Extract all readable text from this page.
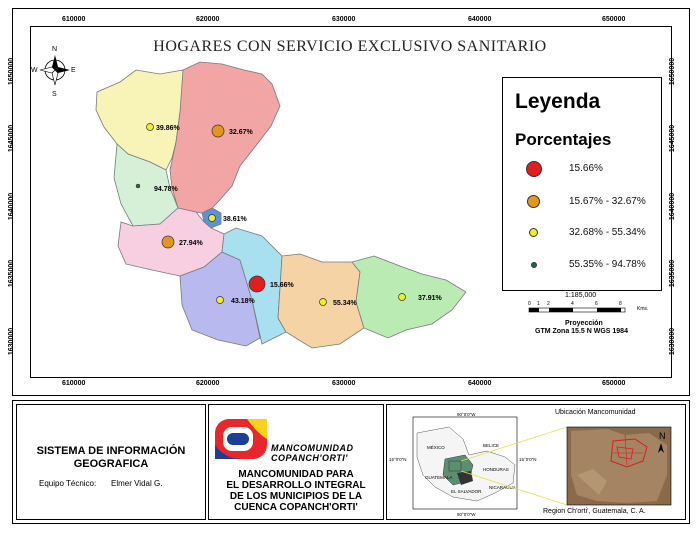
610000	620000	630000	640000	650000
610000	620000	630000	640000	650000
1650000
1645000
1640000
1635000
1630000
1650000
1645000
1640000
1635000
1630000
HOGARES CON SERVICIO EXCLUSIVO SANITARIO
39.86%
32.67%
94.78%
38.61%
27.94%
15.66%
43.18%	55.34%
37.91%
N
S
E
W
Leyenda
Porcentajes
15.66%
15.67% - 32.67%
32.68% - 55.34%
55.35% - 94.78%
1:185,000
0 1 2	4	6	8
Kms.
Proyección
GTM Zona 15.5 N WGS 1984
SISTEMA DE INFORMACIÓN
GEOGRAFICA
Equipo Técnico: Elmer Vidal G.
MANCOMUNIDAD
COPANCH'ORTI'
MANCOMUNIDAD PARA
EL DESARROLLO INTEGRAL
DE LOS MUNICIPIOS DE LA
CUENCA COPANCH'ORTI'
Ubicación Mancomunidad
90°0'0"W
15°0'0"N	15°0'0"N
90°0'0"W
MÉXICO	BELICE
GUATEMALA
HONDURAS
EL SALVADOR
NICARAGUA
N
Region Ch'orti', Guatemala, C. A.
